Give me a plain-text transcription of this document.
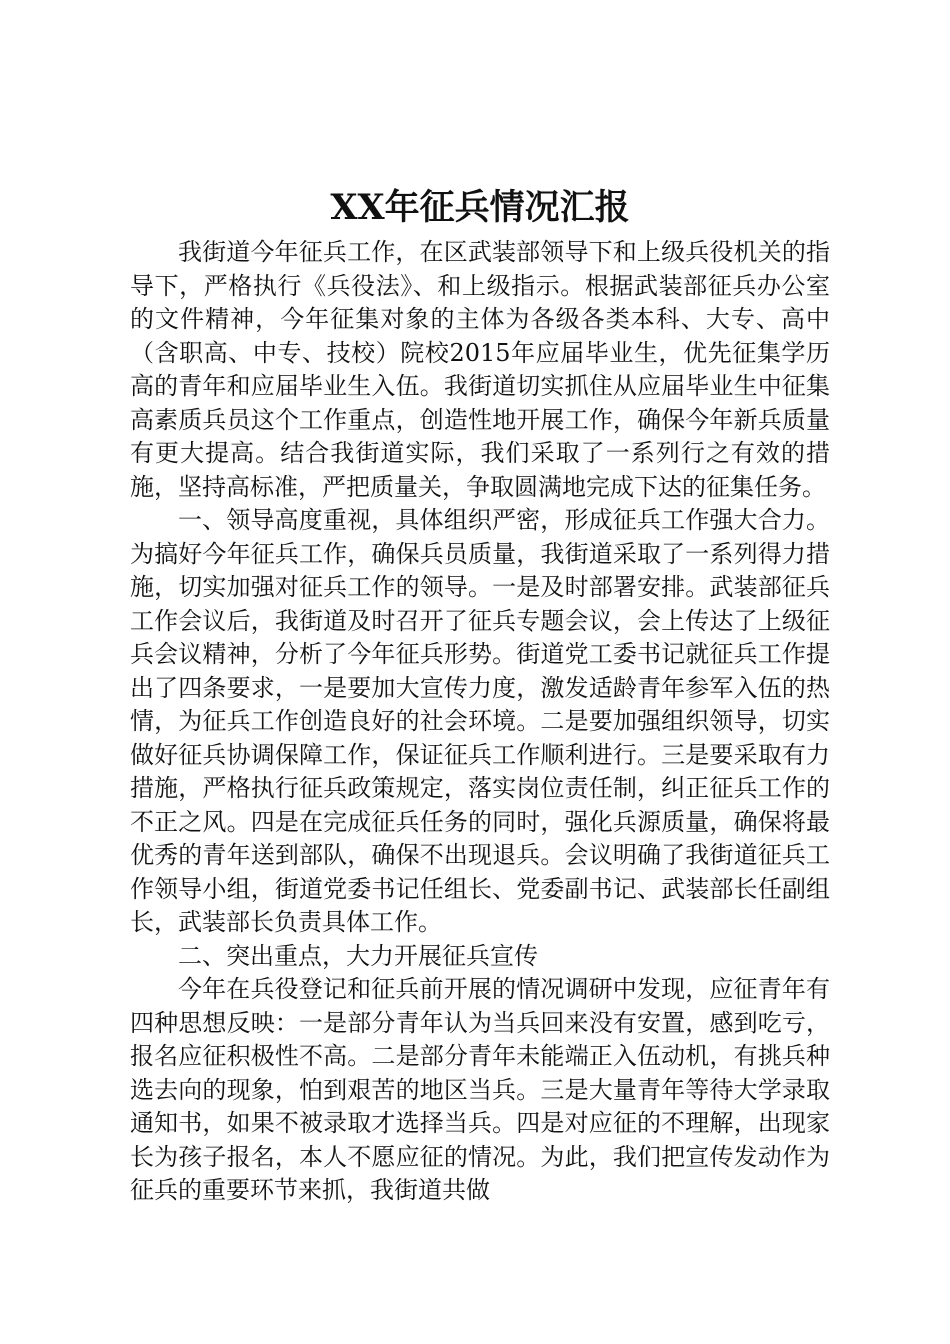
XX年征兵情况汇报

我街道今年征兵工作，在区武装部领导下和上级兵役机关的指导下，严格执行《兵役法》、和上级指示。根据武装部征兵办公室的文件精神，今年征集对象的主体为各级各类本科、大专、高中（含职高、中专、技校）院校2015年应届毕业生，优先征集学历高的青年和应届毕业生入伍。我街道切实抓住从应届毕业生中征集高素质兵员这个工作重点，创造性地开展工作，确保今年新兵质量有更大提高。结合我街道实际，我们采取了一系列行之有效的措施，坚持高标准，严把质量关，争取圆满地完成下达的征集任务。

一、领导高度重视，具体组织严密，形成征兵工作强大合力。为搞好今年征兵工作，确保兵员质量，我街道采取了一系列得力措施，切实加强对征兵工作的领导。一是及时部署安排。武装部征兵工作会议后，我街道及时召开了征兵专题会议，会上传达了上级征兵会议精神，分析了今年征兵形势。街道党工委书记就征兵工作提出了四条要求，一是要加大宣传力度，激发适龄青年参军入伍的热情，为征兵工作创造良好的社会环境。二是要加强组织领导，切实做好征兵协调保障工作，保证征兵工作顺利进行。三是要采取有力措施，严格执行征兵政策规定，落实岗位责任制，纠正征兵工作的不正之风。四是在完成征兵任务的同时，强化兵源质量，确保将最优秀的青年送到部队，确保不出现退兵。会议明确了我街道征兵工作领导小组，街道党委书记任组长、党委副书记、武装部长任副组长，武装部长负责具体工作。

二、突出重点，大力开展征兵宣传

今年在兵役登记和征兵前开展的情况调研中发现，应征青年有四种思想反映：一是部分青年认为当兵回来没有安置，感到吃亏，报名应征积极性不高。二是部分青年未能端正入伍动机，有挑兵种选去向的现象，怕到艰苦的地区当兵。三是大量青年等待大学录取通知书，如果不被录取才选择当兵。四是对应征的不理解，出现家长为孩子报名，本人不愿应征的情况。为此，我们把宣传发动作为征兵的重要环节来抓，我街道共做
